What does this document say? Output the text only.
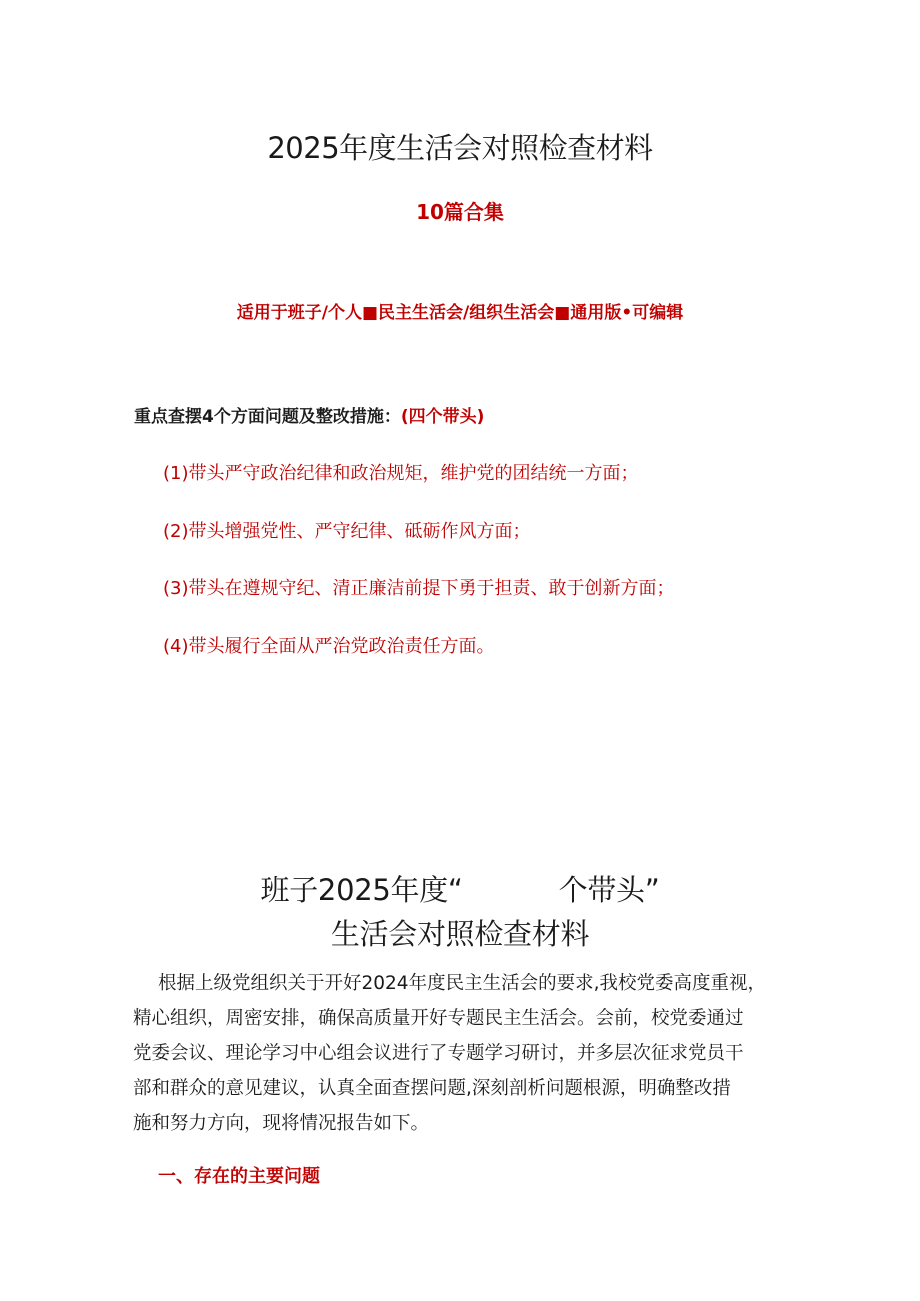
2025年度生活会对照检查材料
10篇合集
适用于班子/个人■民主生活会/组织生活会■通用版•可编辑
重点查摆4个方面问题及整改措施：(四个带头)
(1)带头严守政治纪律和政治规矩，维护党的团结统一方面；
(2)带头增强党性、严守纪律、砥砺作风方面；
(3)带头在遵规守纪、清正廉洁前提下勇于担责、敢于创新方面；
(4)带头履行全面从严治党政治责任方面。
班子2025年度“	个带头”
生活会对照检查材料
根据上级党组织关于开好2024年度民主生活会的要求,我校党委高度重视，
精心组织，周密安排，确保高质量开好专题民主生活会。会前，校党委通过
党委会议、理论学习中心组会议进行了专题学习研讨，并多层次征求党员干
部和群众的意见建议，认真全面查摆问题,深刻剖析问题根源，明确整改措
施和努力方向，现将情况报告如下。
一、存在的主要问题
